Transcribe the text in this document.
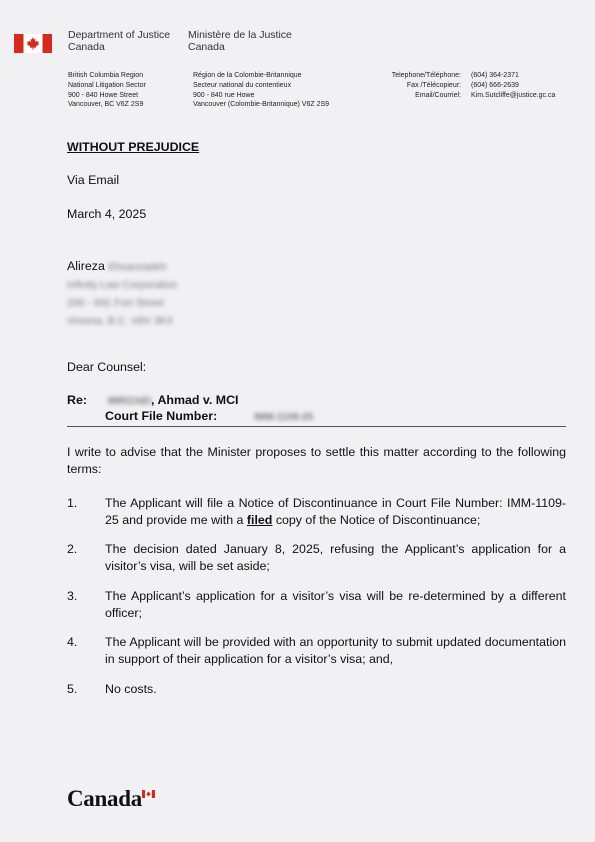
Department of Justice
Canada
Ministère de la Justice
Canada
British Columbia Region
National Litigation Sector
900 - 840 Howe Street
Vancouver, BC V6Z 2S9
Région de la Colombie-Britannique
Secteur national du contentieux
900 - 840 rue Howe
Vancouver (Colombie-Britannique) V6Z 2S9
Telephone/Téléphone:
Fax /Télécopieur:
Email/Courriel:
(604) 364-2371
(604) 666-2639
Kim.Sutcliffe@justice.gc.ca
WITHOUT PREJUDICE
Via Email
March 4, 2025
Alireza Ehsanzadeh
Infinity Law Corporation
200 - 931 Fort Street
Victoria, B.C. V8V 3K3
Dear Counsel:
Re: MIRZAEI, Ahmad v. MCI
Court File Number:	IMM-1109-25
I write to advise that the Minister proposes to settle this matter according to the following terms:
1. The Applicant will file a Notice of Discontinuance in Court File Number: IMM-1109-25 and provide me with a filed copy of the Notice of Discontinuance;
2. The decision dated January 8, 2025, refusing the Applicant’s application for a visitor’s visa, will be set aside;
3. The Applicant’s application for a visitor’s visa will be re-determined by a different officer;
4. The Applicant will be provided with an opportunity to submit updated documentation in support of their application for a visitor’s visa; and,
5. No costs.
Canada
